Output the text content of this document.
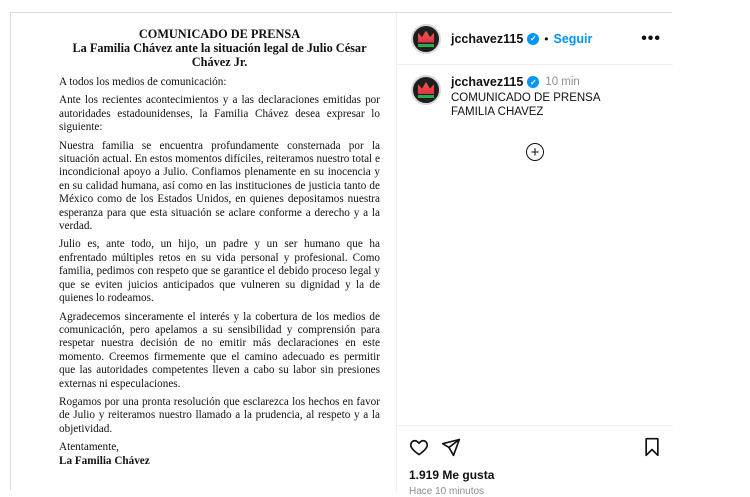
COMUNICADO DE PRENSA
La Familia Chávez ante la situación legal de Julio César Chávez Jr.

A todos los medios de comunicación:

Ante los recientes acontecimientos y a las declaraciones emitidas por autoridades estadounidenses, la Familia Chávez desea expresar lo siguiente:

Nuestra familia se encuentra profundamente consternada por la situación actual. En estos momentos difíciles, reiteramos nuestro total e incondicional apoyo a Julio. Confiamos plenamente en su inocencia y en su calidad humana, así como en las instituciones de justicia tanto de México como de los Estados Unidos, en quienes depositamos nuestra esperanza para que esta situación se aclare conforme a derecho y a la verdad.

Julio es, ante todo, un hijo, un padre y un ser humano que ha enfrentado múltiples retos en su vida personal y profesional. Como familia, pedimos con respeto que se garantice el debido proceso legal y que se eviten juicios anticipados que vulneren su dignidad y la de quienes lo rodeamos.

Agradecemos sinceramente el interés y la cobertura de los medios de comunicación, pero apelamos a su sensibilidad y comprensión para respetar nuestra decisión de no emitir más declaraciones en este momento. Creemos firmemente que el camino adecuado es permitir que las autoridades competentes lleven a cabo su labor sin presiones externas ni especulaciones.

Rogamos por una pronta resolución que esclarezca los hechos en favor de Julio y reiteramos nuestro llamado a la prudencia, al respeto y a la objetividad.

Atentamente,
La Familia Chávez
jcchavez115 ✓ • Seguir	•••
jcchavez115 ✓ 10 min
COMUNICADO DE PRENSA
FAMILIA CHAVEZ
+
1.919 Me gusta
Hace 10 minutos
